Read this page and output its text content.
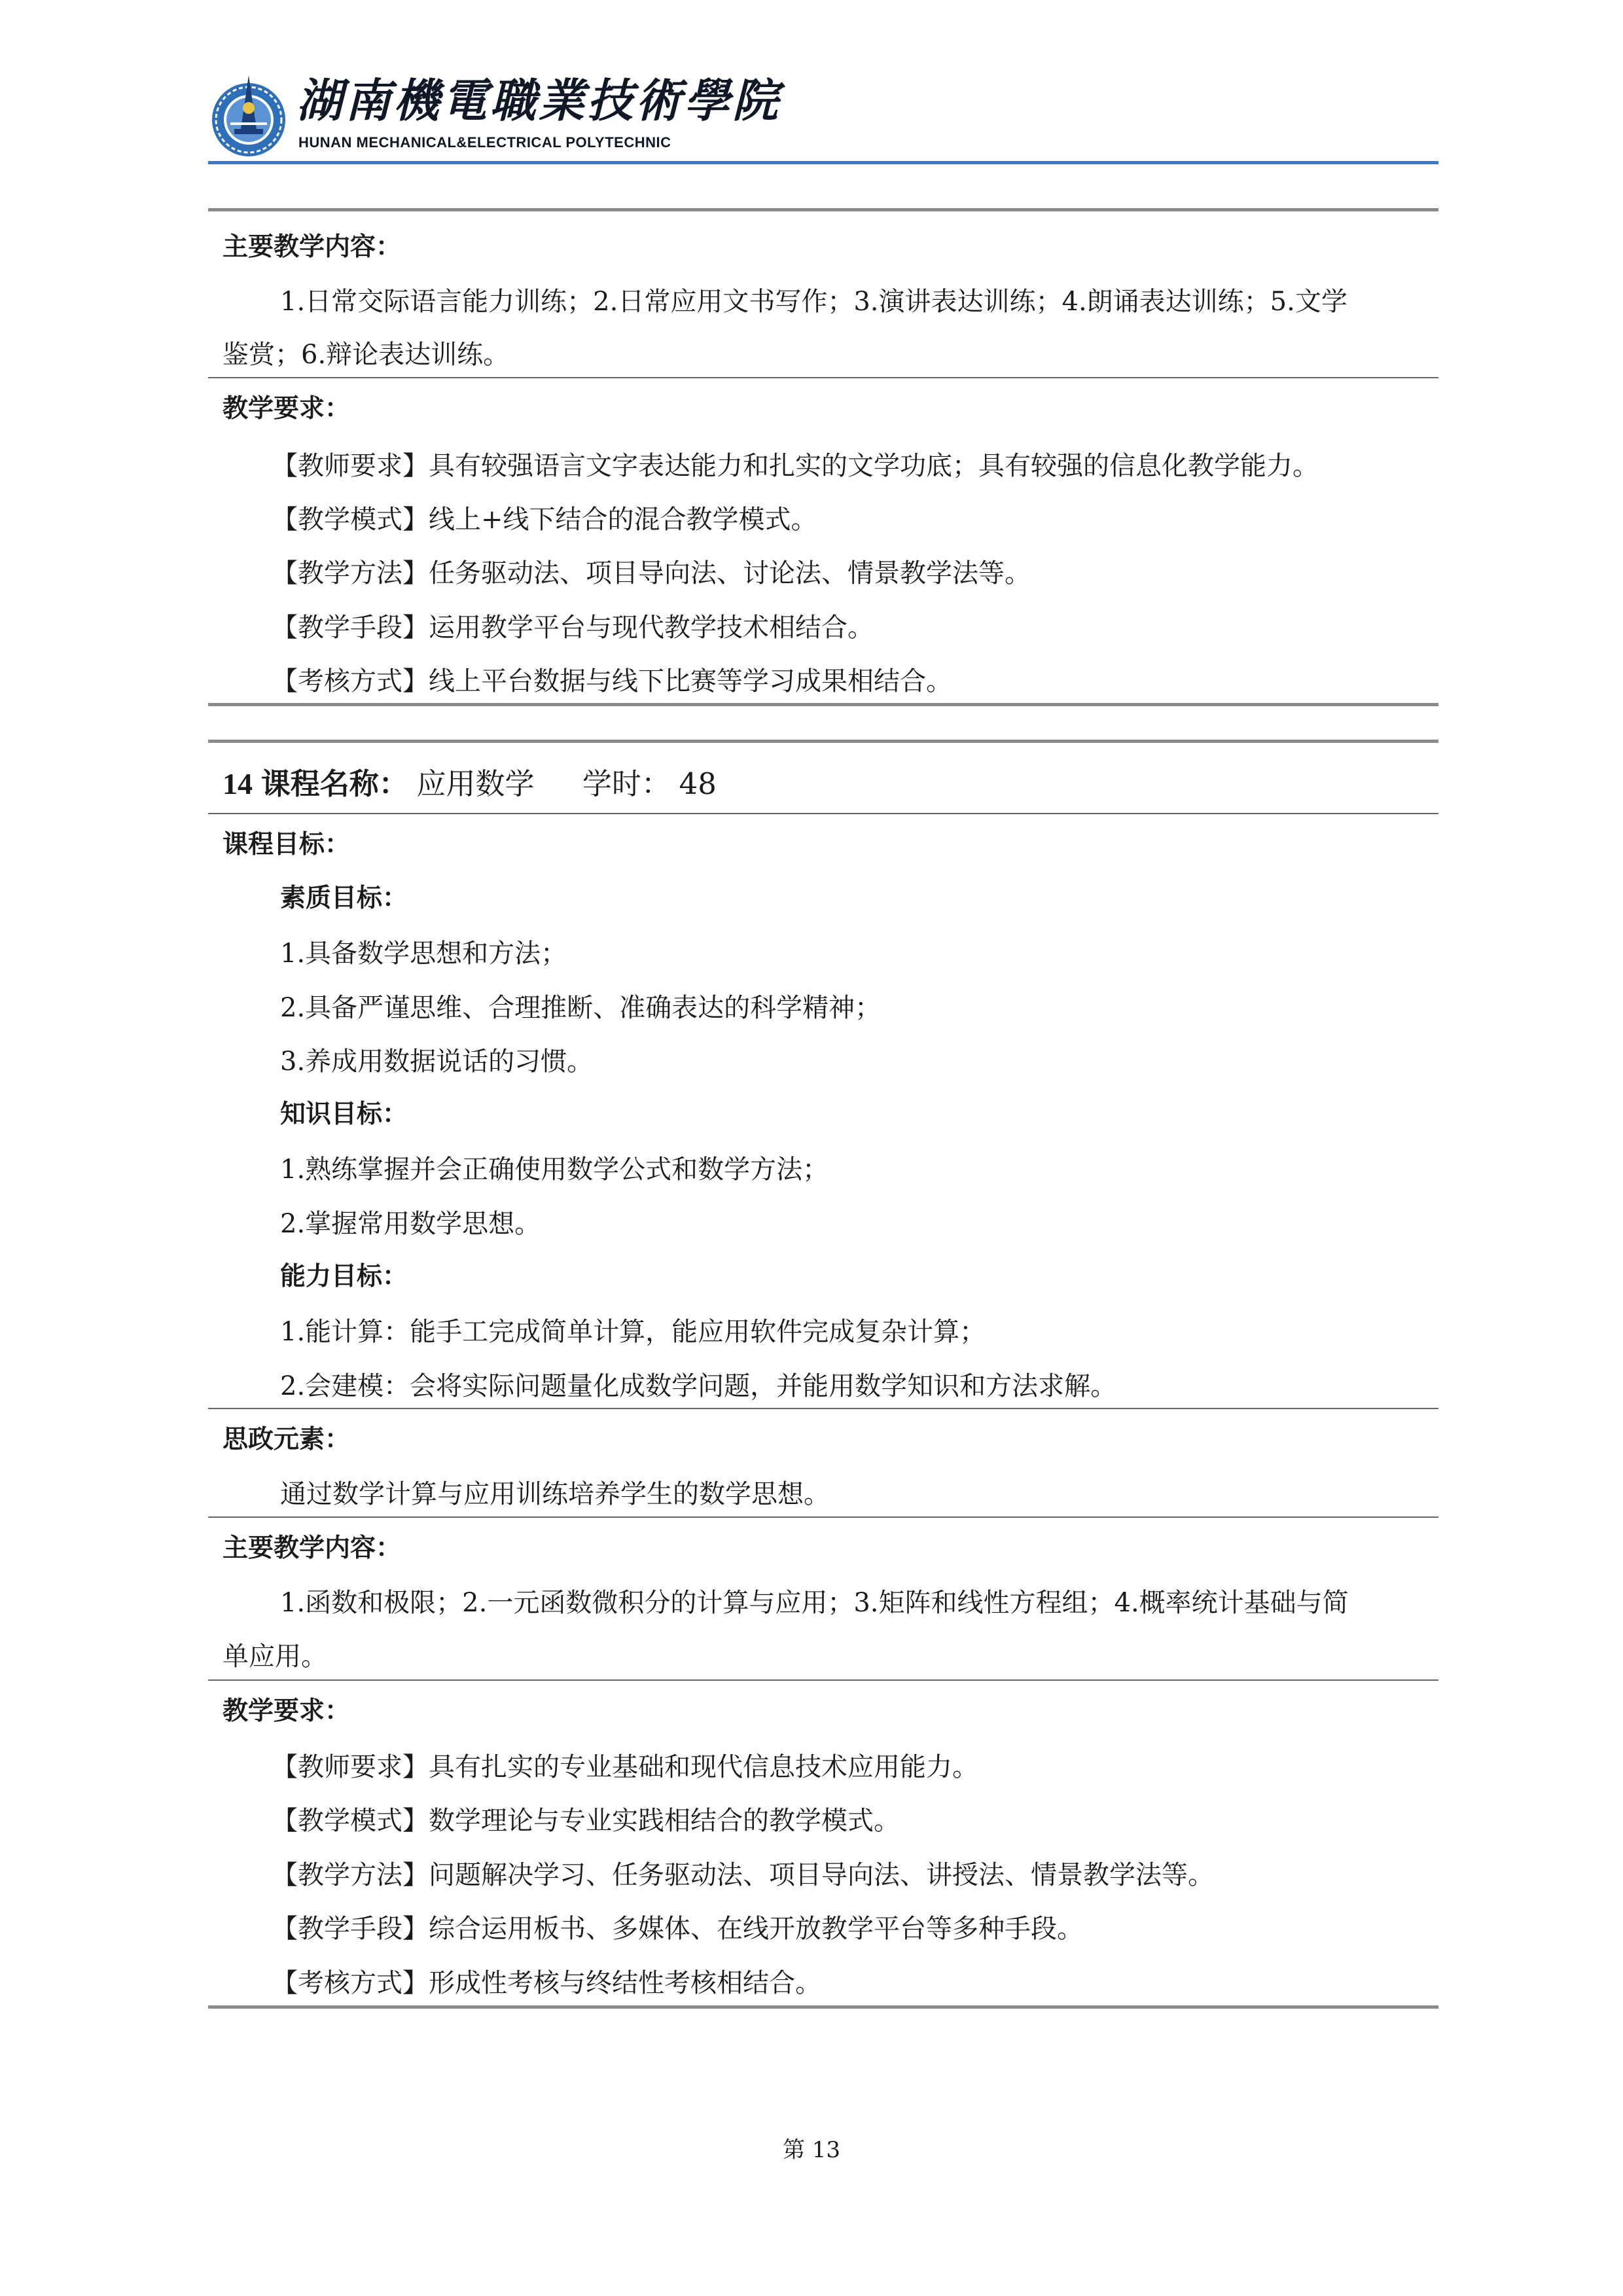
湖南機電職業技術學院

HUNAN MECHANICAL&ELECTRICAL POLYTECHNIC

主要教学内容：

1.日常交际语言能力训练；2.日常应用文书写作；3.演讲表达训练；4.朗诵表达训练；5.文学

鉴赏；6.辩论表达训练。

教学要求：

【教师要求】具有较强语言文字表达能力和扎实的文学功底；具有较强的信息化教学能力。

【教学模式】线上+线下结合的混合教学模式。

【教学方法】任务驱动法、项目导向法、讨论法、情景教学法等。

【教学手段】运用教学平台与现代教学技术相结合。

【考核方式】线上平台数据与线下比赛等学习成果相结合。

14 课程名称： 应用数学 学时： 48

课程目标：

素质目标：

1.具备数学思想和方法；

2.具备严谨思维、合理推断、准确表达的科学精神；

3.养成用数据说话的习惯。

知识目标：

1.熟练掌握并会正确使用数学公式和数学方法；

2.掌握常用数学思想。

能力目标：

1.能计算：能手工完成简单计算，能应用软件完成复杂计算；

2.会建模：会将实际问题量化成数学问题，并能用数学知识和方法求解。

思政元素：

通过数学计算与应用训练培养学生的数学思想。

主要教学内容：

1.函数和极限；2.一元函数微积分的计算与应用；3.矩阵和线性方程组；4.概率统计基础与简

单应用。

教学要求：

【教师要求】具有扎实的专业基础和现代信息技术应用能力。

【教学模式】数学理论与专业实践相结合的教学模式。

【教学方法】问题解决学习、任务驱动法、项目导向法、讲授法、情景教学法等。

【教学手段】综合运用板书、多媒体、在线开放教学平台等多种手段。

【考核方式】形成性考核与终结性考核相结合。

第 13
